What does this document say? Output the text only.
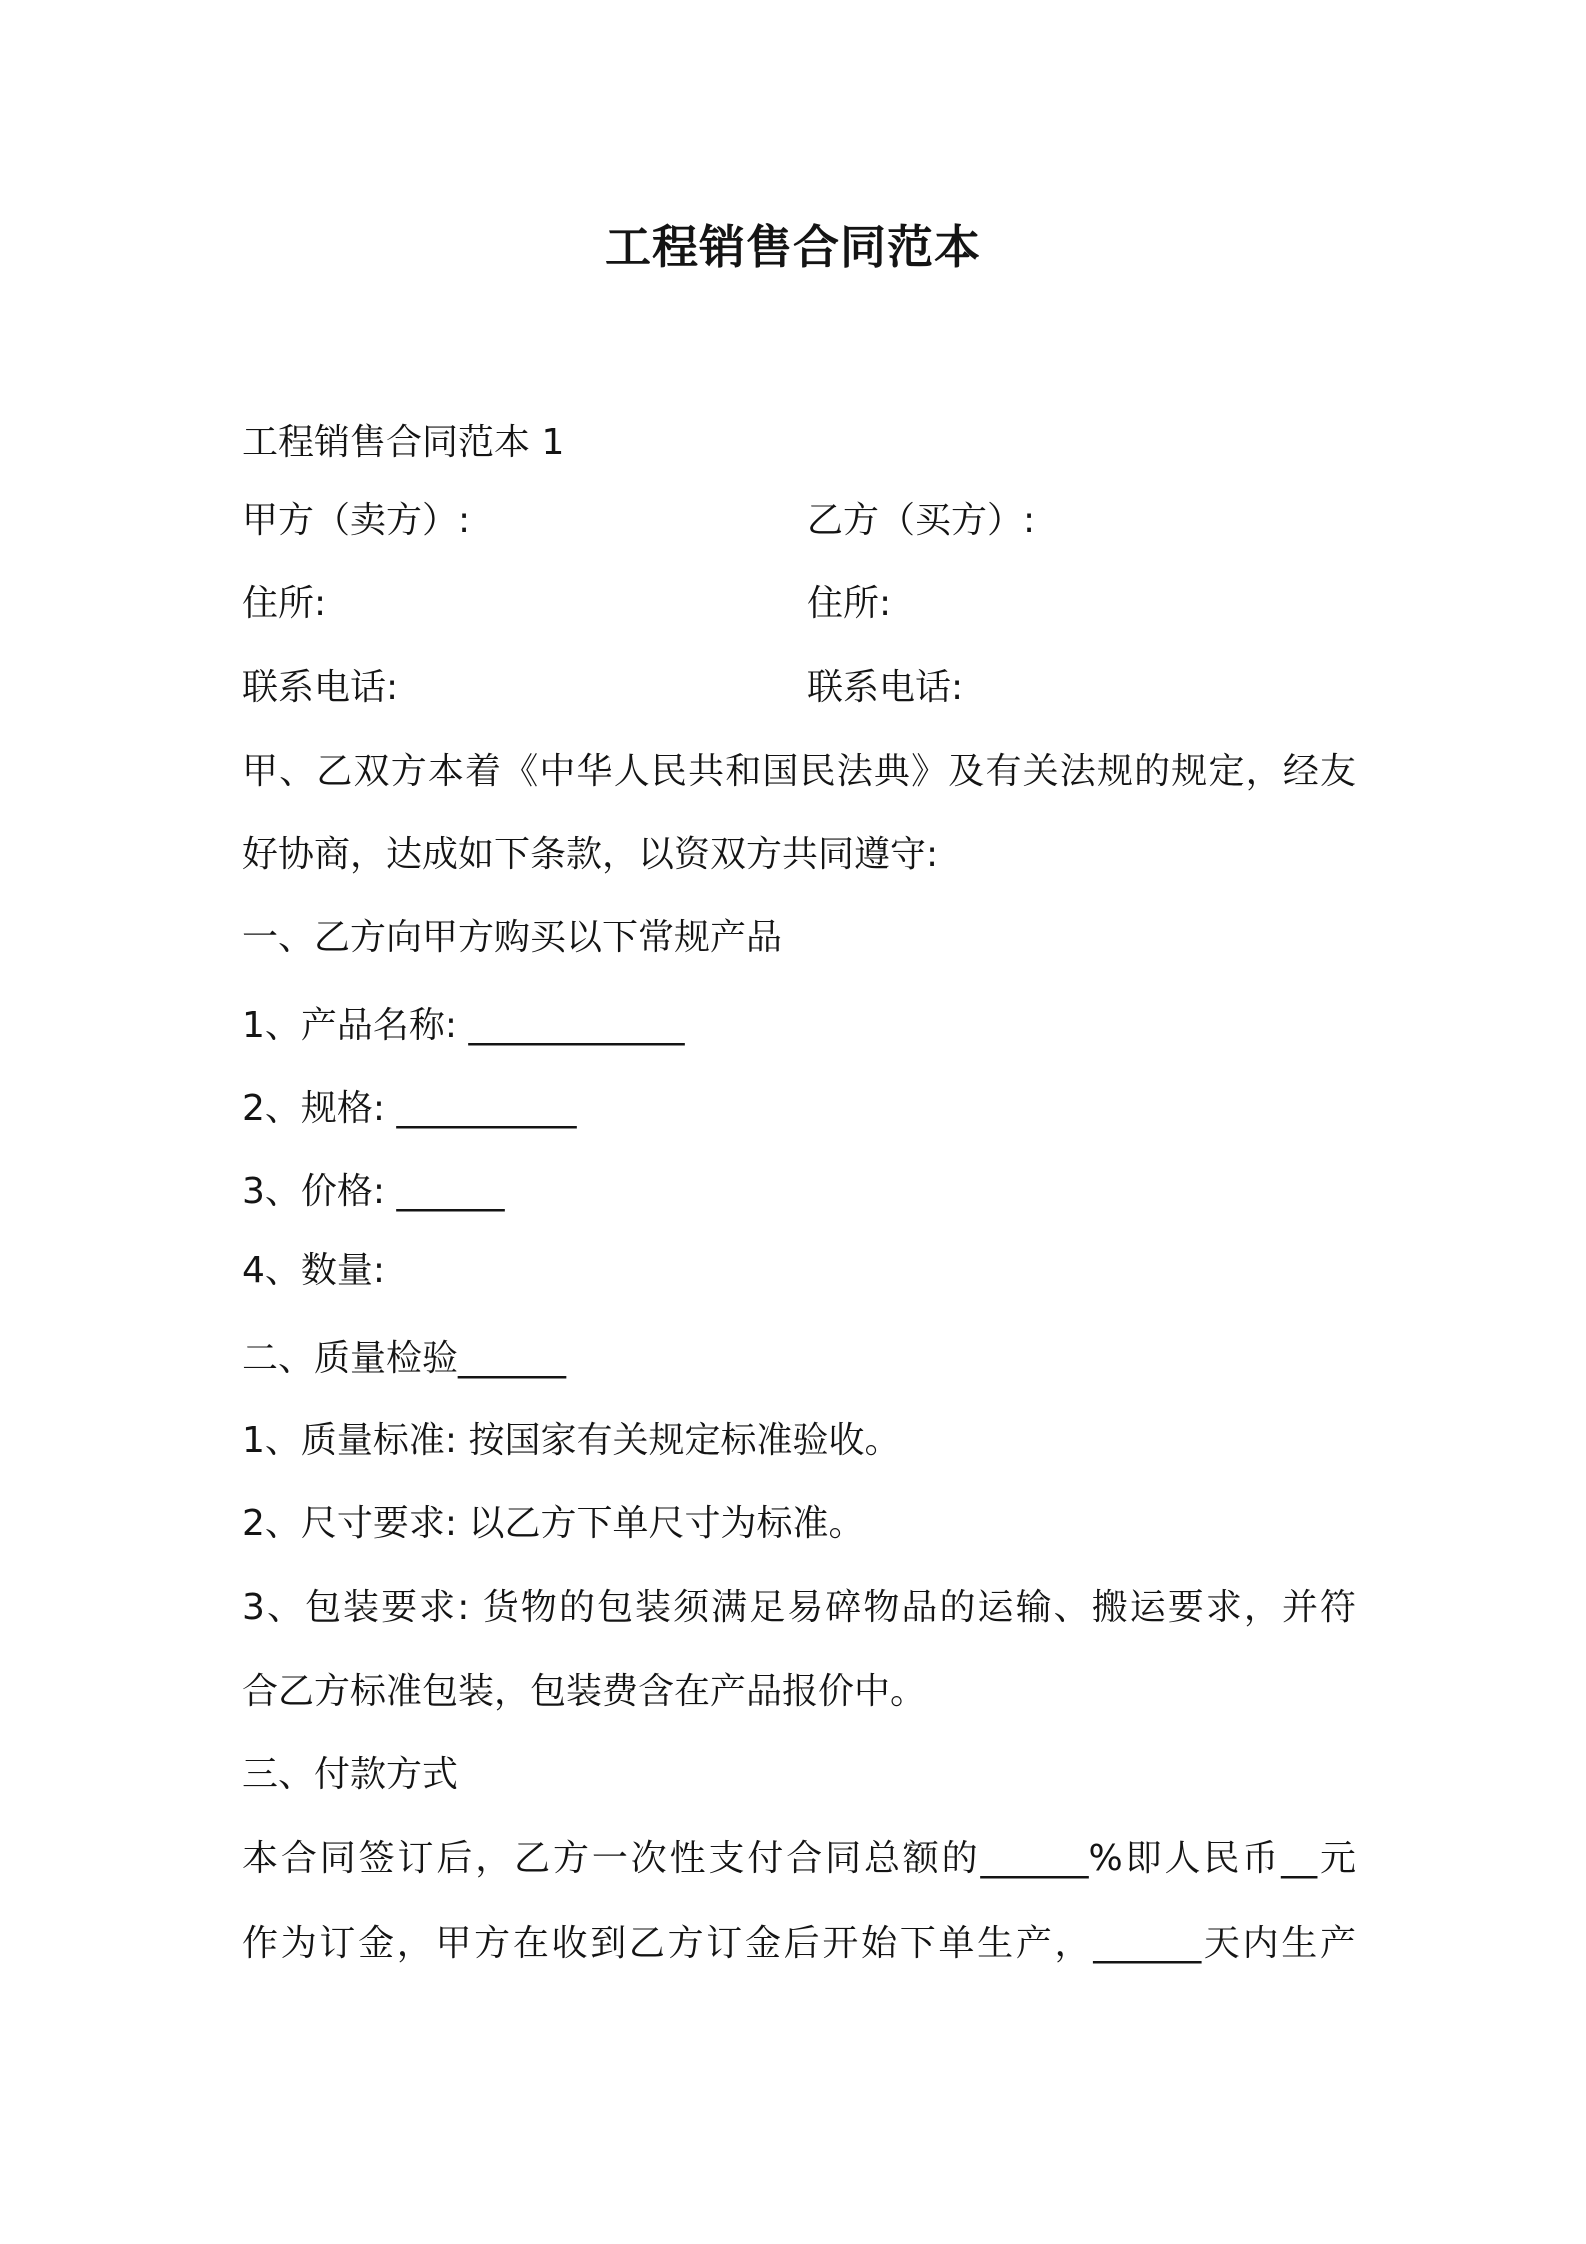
工程销售合同范本

工程销售合同范本 1

甲方（卖方）:	乙方（买方）:

住所:	住所:

联系电话:	联系电话:

甲、乙双方本着《中华人民共和国民法典》及有关法规的规定，经友

好协商，达成如下条款，以资双方共同遵守:

一、乙方向甲方购买以下常规产品

1、产品名称: ____________

2、规格: __________

3、价格: ______

4、数量:

二、质量检验______

1、质量标准: 按国家有关规定标准验收。

2、尺寸要求: 以乙方下单尺寸为标准。

3、包装要求: 货物的包装须满足易碎物品的运输、搬运要求，并符

合乙方标准包装，包装费含在产品报价中。

三、付款方式

本合同签订后，乙方一次性支付合同总额的______%即人民币__元

作为订金，甲方在收到乙方订金后开始下单生产，______天内生产
